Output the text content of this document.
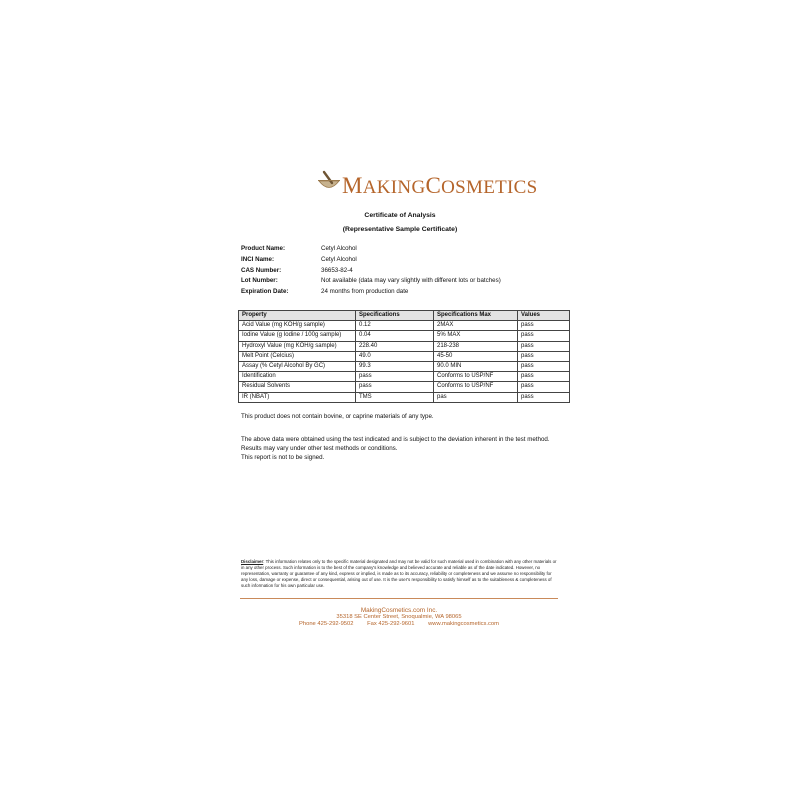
MAKINGCOSMETICS
Certificate of Analysis
(Representative Sample Certificate)
Product Name:	Cetyl Alcohol
INCI Name:	Cetyl Alcohol
CAS Number:	36653-82-4
Lot Number:	Not available (data may vary slightly with different lots or batches)
Expiration Date:	24 months from production date
Property	Specifications	Specifications Max	Values
Acid Value (mg KOH/g sample)	0.12	2MAX	pass
Iodine Value (g Iodine / 100g sample)	0.04	5% MAX	pass
Hydroxyl Value (mg KOH/g sample)	228.40	218-238	pass
Melt Point (Celcius)	49.0	45-50	pass
Assay (% Cetyl Alcohol By GC)	99.3	90.0 MIN	pass
Identification	pass	Conforms to USP/NF	pass
Residual Solvents	pass	Conforms to USP/NF	pass
IR (NBAT)	TMS	pas	pass
This product does not contain bovine, or caprine materials of any type.
The above data were obtained using the test indicated and is subject to the deviation inherent in the test method. Results may vary under other test methods or conditions.
This report is not to be signed.
Disclaimer: This information relates only to the specific material designated and may not be valid for such material used in combination with any other materials or in any other process. Such information is to the best of the company's knowledge and believed accurate and reliable as of the date indicated. However, no representation, warranty or guarantee of any kind, express or implied, is made as to its accuracy, reliability or completeness and we assume no responsibility for any loss, damage or expense, direct or consequential, arising out of use. It is the user's responsibility to satisfy himself as to the suitableness & completeness of such information for his own particular use.
MakingCosmetics.com Inc.
35318 SE Center Street, Snoqualmie, WA 98065
Phone 425-292-9502 Fax 425-292-9601 www.makingcosmetics.com
